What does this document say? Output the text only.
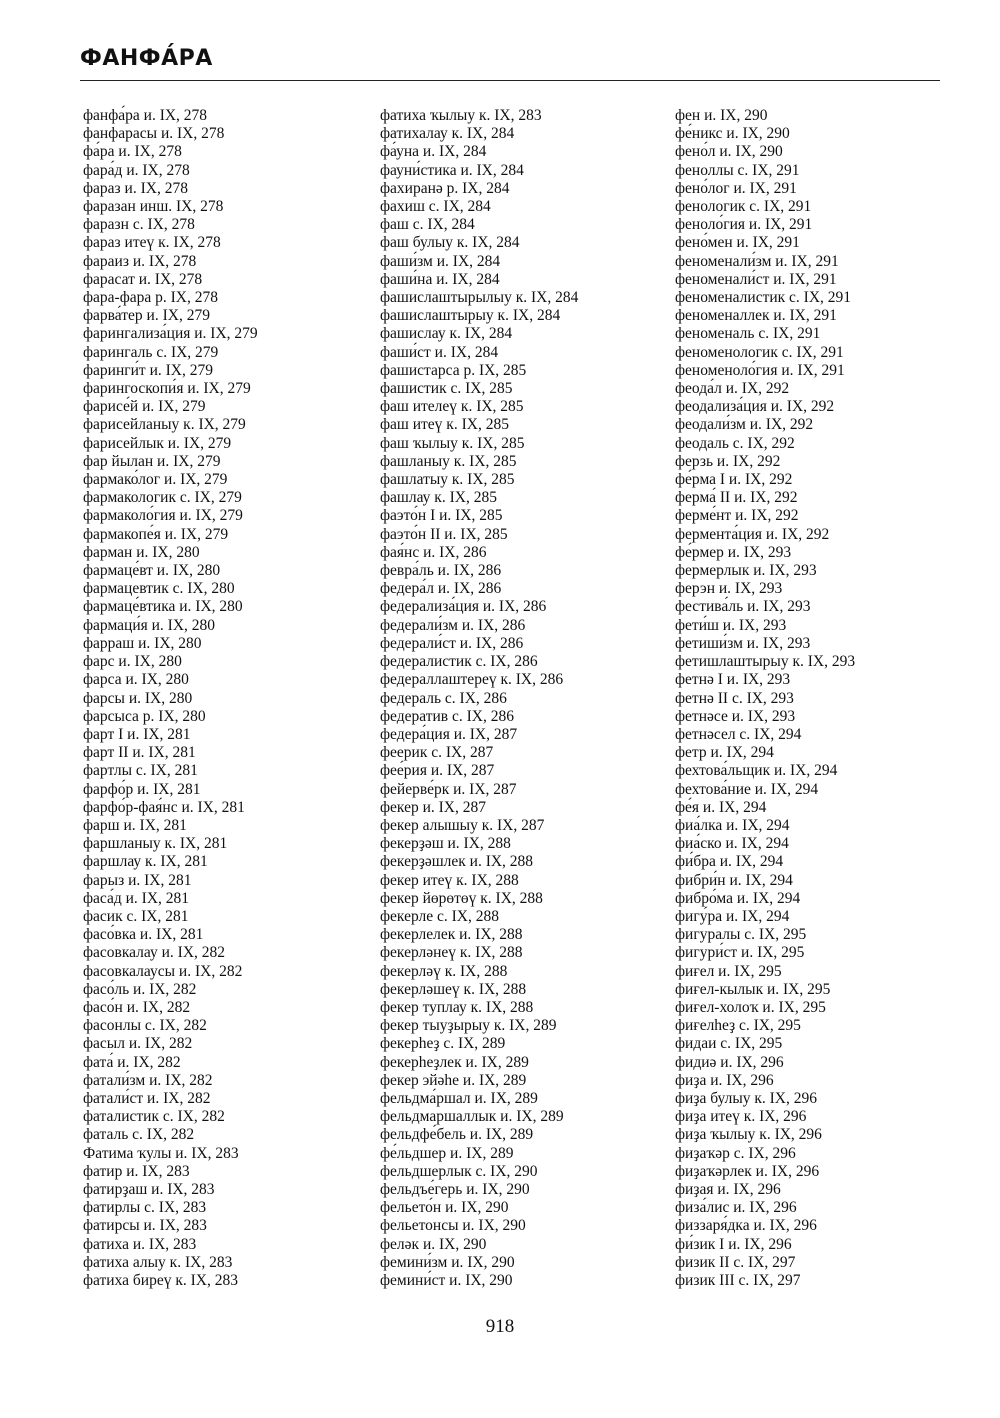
ФАНФА́РА
фанфа́ра и. IX, 278
фанфарасы и. IX, 278
фа́ра и. IX, 278
фара́д и. IX, 278
фараз и. IX, 278
фаразан инш. IX, 278
фаразн с. IX, 278
фараз итеү к. IX, 278
фараиз и. IX, 278
фарасат и. IX, 278
фара-фара р. IX, 278
фарва́тер и. IX, 279
фарингализа́ция и. IX, 279
фарингаль с. IX, 279
фаринги́т и. IX, 279
фарингоскопи́я и. IX, 279
фарисе́й и. IX, 279
фарисейланыу к. IX, 279
фарисейлык и. IX, 279
фар йылан и. IX, 279
фармако́лог и. IX, 279
фармакологик с. IX, 279
фармаколо́гия и. IX, 279
фармакопе́я и. IX, 279
фарман и. IX, 280
фармаце́вт и. IX, 280
фармацевтик с. IX, 280
фармаце́втика и. IX, 280
фармаци́я и. IX, 280
фарраш и. IX, 280
фарс и. IX, 280
фарса и. IX, 280
фарсы и. IX, 280
фарсыса р. IX, 280
фарт I и. IX, 281
фарт II и. IX, 281
фартлы с. IX, 281
фарфо́р и. IX, 281
фарфо́р-фая́нс и. IX, 281
фарш и. IX, 281
фаршланыу к. IX, 281
фаршлау к. IX, 281
фарыз и. IX, 281
фаса́д и. IX, 281
фасик с. IX, 281
фасо́вка и. IX, 281
фасовкалау и. IX, 282
фасовкалаусы и. IX, 282
фасо́ль и. IX, 282
фасо́н и. IX, 282
фасонлы с. IX, 282
фасыл и. IX, 282
фата́ и. IX, 282
фатали́зм и. IX, 282
фатали́ст и. IX, 282
фаталистик с. IX, 282
фаталь с. IX, 282
Фатима ҡулы и. IX, 283
фатир и. IX, 283
фатирҙаш и. IX, 283
фатирлы с. IX, 283
фатирсы и. IX, 283
фатиха и. IX, 283
фатиха алыу к. IX, 283
фатиха биреү к. IX, 283
фатиха ҡылыу к. IX, 283
фатихалау к. IX, 284
фа́уна и. IX, 284
фауни́стика и. IX, 284
фахиранә р. IX, 284
фахиш с. IX, 284
фаш с. IX, 284
фаш булыу к. IX, 284
фаши́зм и. IX, 284
фаши́на и. IX, 284
фашислаштырылыу к. IX, 284
фашислаштырыу к. IX, 284
фашислау к. IX, 284
фаши́ст и. IX, 284
фашистарса р. IX, 285
фашистик с. IX, 285
фаш ителеү к. IX, 285
фаш итеү к. IX, 285
фаш ҡылыу к. IX, 285
фашланыу к. IX, 285
фашлатыу к. IX, 285
фашлау к. IX, 285
фаэто́н I и. IX, 285
фаэто́н II и. IX, 285
фая́нс и. IX, 286
февра́ль и. IX, 286
федера́л и. IX, 286
федерализа́ция и. IX, 286
федерали́зм и. IX, 286
федерали́ст и. IX, 286
федералистик с. IX, 286
федераллаштереү к. IX, 286
федераль с. IX, 286
федератив с. IX, 286
федера́ция и. IX, 287
феерик с. IX, 287
фее́рия и. IX, 287
фейерве́рк и. IX, 287
фекер и. IX, 287
фекер алышыу к. IX, 287
фекерҙәш и. IX, 288
фекерҙәшлек и. IX, 288
фекер итеү к. IX, 288
фекер йөрөтөү к. IX, 288
фекерле с. IX, 288
фекерлелек и. IX, 288
фекерләнеү к. IX, 288
фекерләү к. IX, 288
фекерләшеү к. IX, 288
фекер туплау к. IX, 288
фекер тыуҙырыу к. IX, 289
фекерһеҙ с. IX, 289
фекерһеҙлек и. IX, 289
фекер эйәһе и. IX, 289
фельдма́ршал и. IX, 289
фельдмаршаллык и. IX, 289
фельдфе́бель и. IX, 289
фе́льдшер и. IX, 289
фельдшерлык с. IX, 290
фельдъе́герь и. IX, 290
фельето́н и. IX, 290
фельетонсы и. IX, 290
феләк и. IX, 290
фемини́зм и. IX, 290
фемини́ст и. IX, 290
фен и. IX, 290
фе́никс и. IX, 290
фено́л и. IX, 290
феноллы с. IX, 291
фено́лог и. IX, 291
фенологик с. IX, 291
феноло́гия и. IX, 291
фено́мен и. IX, 291
феноменали́зм и. IX, 291
феноменали́ст и. IX, 291
феноменалистик с. IX, 291
феноменаллек и. IX, 291
феноменаль с. IX, 291
феноменологик с. IX, 291
феноменоло́гия и. IX, 291
феода́л и. IX, 292
феодализа́ция и. IX, 292
феодали́зм и. IX, 292
феодаль с. IX, 292
ферзь и. IX, 292
фе́рма I и. IX, 292
ферма́ II и. IX, 292
ферме́нт и. IX, 292
фермента́ция и. IX, 292
фе́рмер и. IX, 293
фермерлык и. IX, 293
ферэн и. IX, 293
фестива́ль и. IX, 293
фети́ш и. IX, 293
фетиши́зм и. IX, 293
фетишлаштырыу к. IX, 293
фетнә I и. IX, 293
фетнә II с. IX, 293
фетнәсе и. IX, 293
фетнәсел с. IX, 294
фетр и. IX, 294
фехтова́льщик и. IX, 294
фехтова́ние и. IX, 294
фе́я и. IX, 294
фиа́лка и. IX, 294
фиа́ско и. IX, 294
фи́бра и. IX, 294
фибри́н и. IX, 294
фибро́ма и. IX, 294
фигу́ра и. IX, 294
фигуралы с. IX, 295
фигури́ст и. IX, 295
фиғел и. IX, 295
фиғел-кылык и. IX, 295
фиғел-холоҡ и. IX, 295
фиғелһеҙ с. IX, 295
фидаи с. IX, 295
фидиә и. IX, 296
фиҙа и. IX, 296
фиҙа булыу к. IX, 296
фиҙа итеү к. IX, 296
фиҙа ҡылыу к. IX, 296
фиҙаҡәр с. IX, 296
фиҙаҡәрлек и. IX, 296
фиҙая и. IX, 296
физа́лис и. IX, 296
физзаря́дка и. IX, 296
фи́зик I и. IX, 296
физик II с. IX, 297
физик III с. IX, 297
918
